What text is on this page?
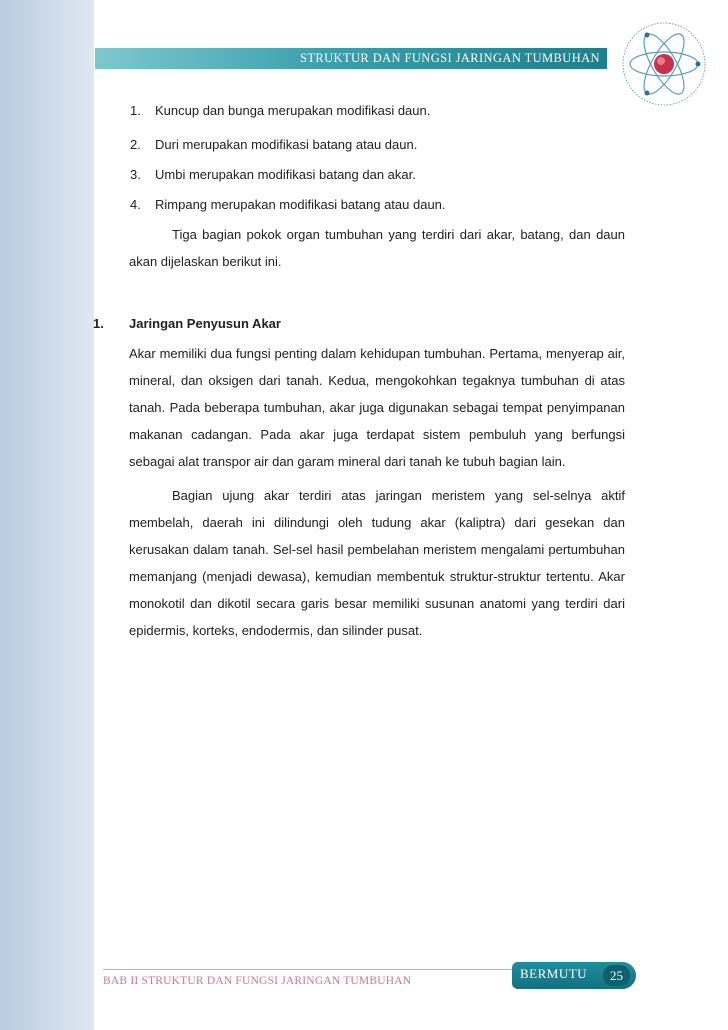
STRUKTUR DAN FUNGSI JARINGAN TUMBUHAN
1. Kuncup dan bunga merupakan modifikasi daun.
2. Duri merupakan modifikasi batang atau daun.
3. Umbi merupakan modifikasi batang dan akar.
4. Rimpang merupakan modifikasi batang atau daun.

Tiga bagian pokok organ tumbuhan yang terdiri dari akar, batang, dan daun akan dijelaskan berikut ini.

1. Jaringan Penyusun Akar

Akar memiliki dua fungsi penting dalam kehidupan tumbuhan. Pertama, menyerap air, mineral, dan oksigen dari tanah. Kedua, mengokohkan tegaknya tumbuhan di atas tanah. Pada beberapa tumbuhan, akar juga digunakan sebagai tempat penyimpanan makanan cadangan. Pada akar juga terdapat sistem pembuluh yang berfungsi sebagai alat transpor air dan garam mineral dari tanah ke tubuh bagian lain.

Bagian ujung akar terdiri atas jaringan meristem yang sel-selnya aktif membelah, daerah ini dilindungi oleh tudung akar (kaliptra) dari gesekan dan kerusakan dalam tanah. Sel-sel hasil pembelahan meristem mengalami pertumbuhan memanjang (menjadi dewasa), kemudian membentuk struktur-struktur tertentu. Akar monokotil dan dikotil secara garis besar memiliki susunan anatomi yang terdiri dari epidermis, korteks, endodermis, dan silinder pusat.

BAB II STRUKTUR DAN FUNGSI JARINGAN TUMBUHAN	BERMUTU	25
